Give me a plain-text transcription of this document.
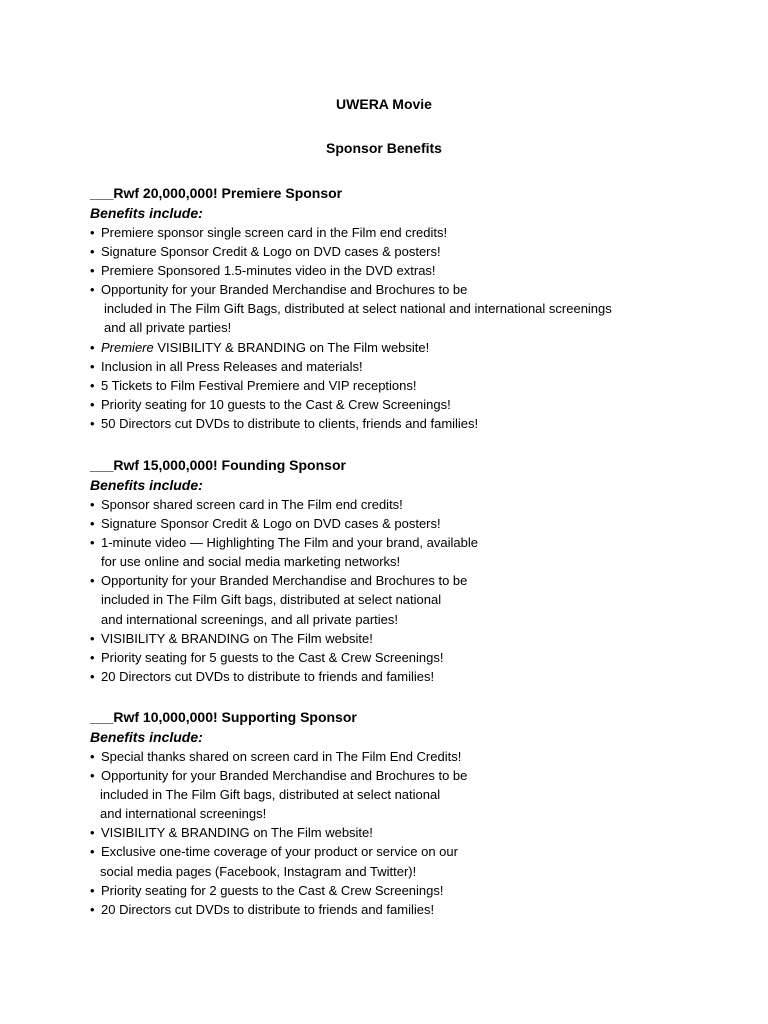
UWERA Movie
Sponsor Benefits
___Rwf 20,000,000! Premiere Sponsor
Benefits include:
• Premiere sponsor single screen card in the Film end credits!
• Signature Sponsor Credit & Logo on DVD cases & posters!
• Premiere Sponsored 1.5-minutes video in the DVD extras!
• Opportunity for your Branded Merchandise and Brochures to be
included in The Film Gift Bags, distributed at select national and international screenings
and all private parties!
• Premiere VISIBILITY & BRANDING on The Film website!
• Inclusion in all Press Releases and materials!
• 5 Tickets to Film Festival Premiere and VIP receptions!
• Priority seating for 10 guests to the Cast & Crew Screenings!
• 50 Directors cut DVDs to distribute to clients, friends and families!
___Rwf 15,000,000! Founding Sponsor
Benefits include:
• Sponsor shared screen card in The Film end credits!
• Signature Sponsor Credit & Logo on DVD cases & posters!
• 1-minute video — Highlighting The Film and your brand, available
for use online and social media marketing networks!
• Opportunity for your Branded Merchandise and Brochures to be
included in The Film Gift bags, distributed at select national
and international screenings, and all private parties!
• VISIBILITY & BRANDING on The Film website!
• Priority seating for 5 guests to the Cast & Crew Screenings!
• 20 Directors cut DVDs to distribute to friends and families!
___Rwf 10,000,000! Supporting Sponsor
Benefits include:
• Special thanks shared on screen card in The Film End Credits!
• Opportunity for your Branded Merchandise and Brochures to be
included in The Film Gift bags, distributed at select national
and international screenings!
• VISIBILITY & BRANDING on The Film website!
• Exclusive one-time coverage of your product or service on our
social media pages (Facebook, Instagram and Twitter)!
• Priority seating for 2 guests to the Cast & Crew Screenings!
• 20 Directors cut DVDs to distribute to friends and families!
